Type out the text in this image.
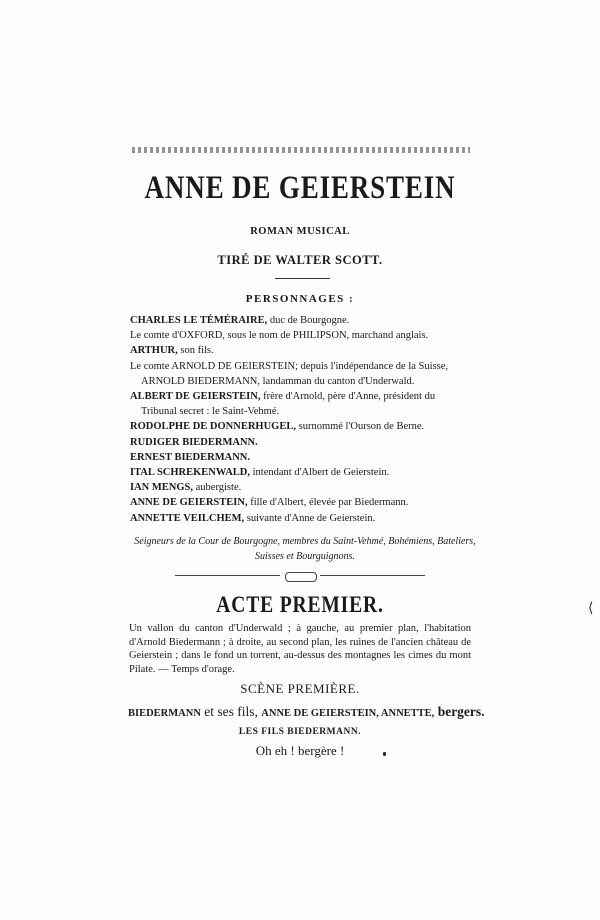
ANNE DE GEIERSTEIN
ROMAN MUSICAL
TIRÉ DE WALTER SCOTT.
PERSONNAGES :
CHARLES LE TÉMÉRAIRE, duc de Bourgogne.
Le comte d'OXFORD, sous le nom de PHILIPSON, marchand anglais.
ARTHUR, son fils.
Le comte ARNOLD DE GEIERSTEIN; depuis l'indépendance de la Suisse,
ARNOLD BIEDERMANN, landamman du canton d'Underwald.
ALBERT DE GEIERSTEIN, frère d'Arnold, père d'Anne, président du
Tribunal secret : le Saint-Vehmé.
RODOLPHE DE DONNERHUGEL, surnommé l'Ourson de Berne.
RUDIGER BIEDERMANN.
ERNEST BIEDERMANN.
ITAL SCHREKENWALD, intendant d'Albert de Geierstein.
IAN MENGS, aubergiste.
ANNE DE GEIERSTEIN, fille d'Albert, élevée par Biedermann.
ANNETTE VEILCHEM, suivante d'Anne de Geierstein.
Seigneurs de la Cour de Bourgogne, membres du Saint-Vehmé, Bohémiens, Bateliers, Suisses et Bourguignons.
ACTE PREMIER.
Un vallon du canton d'Underwald ; à gauche, au premier plan, l'habitation d'Arnold Biedermann ; à droite, au second plan, les ruines de l'ancien château de Geierstein ; dans le fond un torrent, au-dessus des montagnes les cimes du mont Pilate. — Temps d'orage.
SCÈNE PREMIÈRE.
BIEDERMANN et ses fils, ANNE DE GEIERSTEIN, ANNETTE, bergers.
LES FILS BIEDERMANN.
Oh eh ! bergère !
⟨
